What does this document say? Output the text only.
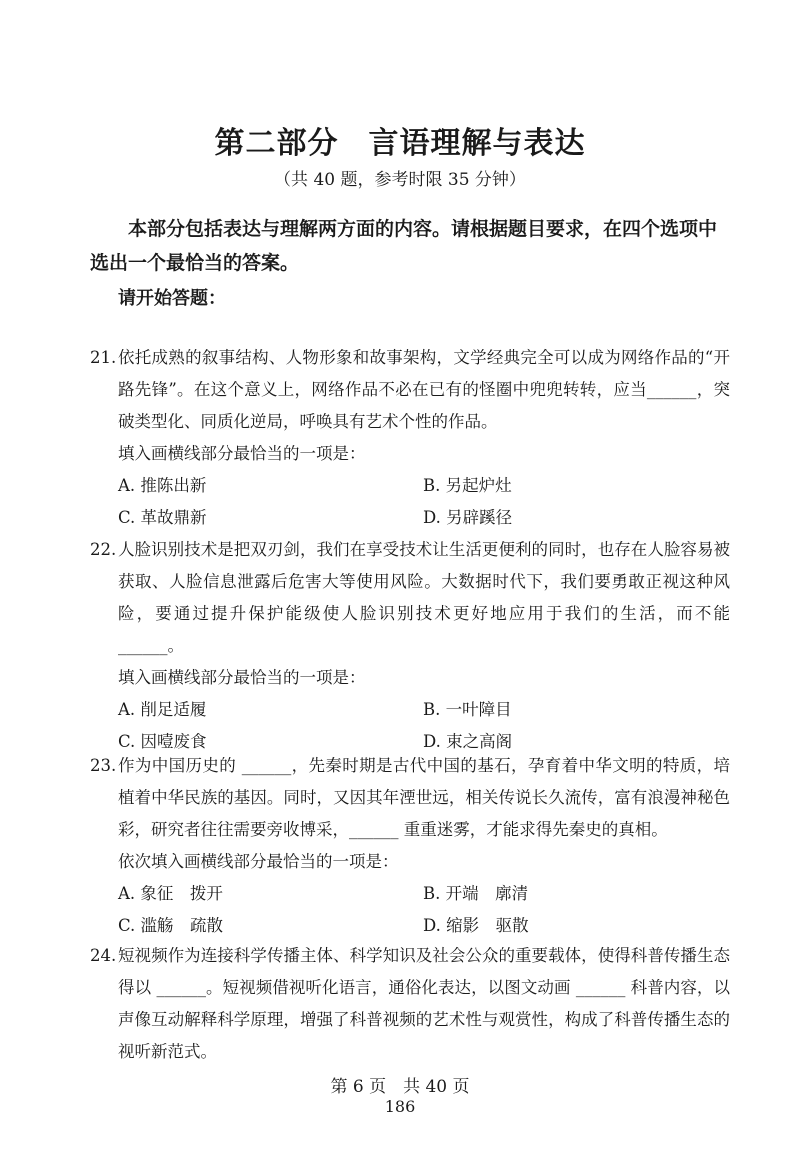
第二部分 言语理解与表达
（共 40 题，参考时限 35 分钟）
本部分包括表达与理解两方面的内容。请根据题目要求，在四个选项中选出一个最恰当的答案。
请开始答题：
21. 依托成熟的叙事结构、人物形象和故事架构，文学经典完全可以成为网络作品的“开路先锋”。在这个意义上，网络作品不必在已有的怪圈中兜兜转转，应当______，突破类型化、同质化逆局，呼唤具有艺术个性的作品。
填入画横线部分最恰当的一项是：
A. 推陈出新	B. 另起炉灶
C. 革故鼎新	D. 另辟蹊径
22. 人脸识别技术是把双刃剑，我们在享受技术让生活更便利的同时，也存在人脸容易被获取、人脸信息泄露后危害大等使用风险。大数据时代下，我们要勇敢正视这种风险，要通过提升保护能级使人脸识别技术更好地应用于我们的生活，而不能 ______。
填入画横线部分最恰当的一项是：
A. 削足适履	B. 一叶障目
C. 因噎废食	D. 束之高阁
23. 作为中国历史的 ______，先秦时期是古代中国的基石，孕育着中华文明的特质，培植着中华民族的基因。同时，又因其年湮世远，相关传说长久流传，富有浪漫神秘色彩，研究者往往需要旁收博采，______ 重重迷雾，才能求得先秦史的真相。
依次填入画横线部分最恰当的一项是：
A. 象征　拨开	B. 开端　廓清
C. 滥觞　疏散	D. 缩影　驱散
24. 短视频作为连接科学传播主体、科学知识及社会公众的重要载体，使得科普传播生态得以 ______。短视频借视听化语言，通俗化表达，以图文动画 ______ 科普内容，以声像互动解释科学原理，增强了科普视频的艺术性与观赏性，构成了科普传播生态的视听新范式。
第 6 页　共 40 页
186
